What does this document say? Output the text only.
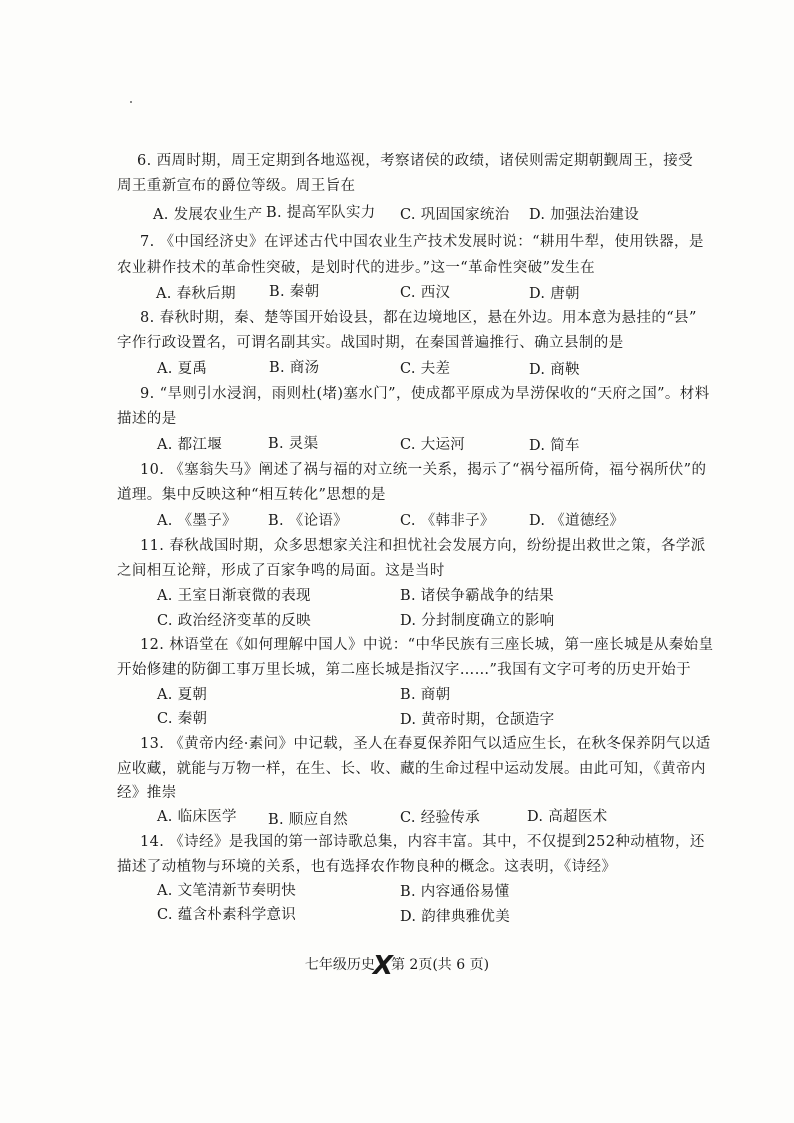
6. 西周时期，周王定期到各地巡视，考察诸侯的政绩，诸侯则需定期朝觐周王，接受
周王重新宣布的爵位等级。周王旨在
A. 发展农业生产 B. 提高军队实力 C. 巩固国家统治 D. 加强法治建设
7. 《中国经济史》在评述古代中国农业生产技术发展时说：“耕用牛犁，使用铁器，是
农业耕作技术的革命性突破，是划时代的进步。”这一“革命性突破”发生在
A. 春秋后期 B. 秦朝	C. 西汉	D. 唐朝
8. 春秋时期，秦、楚等国开始设县，都在边境地区，悬在外边。用本意为悬挂的“县”
字作行政设置名，可谓名副其实。战国时期，在秦国普遍推行、确立县制的是
A. 夏禹	B. 商汤	C. 夫差	D. 商鞅
9. “旱则引水浸润，雨则杜(堵)塞水门”，使成都平原成为旱涝保收的“天府之国”。材料
描述的是
A. 都江堰	B. 灵渠	C. 大运河	D. 简车
10. 《塞翁失马》阐述了祸与福的对立统一关系，揭示了“祸兮福所倚，福兮祸所伏”的
道理。集中反映这种“相互转化”思想的是
A. 《墨子》 B. 《论语》	C. 《韩非子》 D. 《道德经》
11. 春秋战国时期，众多思想家关注和担忧社会发展方向，纷纷提出救世之策，各学派
之间相互论辩，形成了百家争鸣的局面。这是当时
A. 王室日渐衰微的表现	B. 诸侯争霸战争的结果
C. 政治经济变革的反映	D. 分封制度确立的影响
12. 林语堂在《如何理解中国人》中说：“中华民族有三座长城，第一座长城是从秦始皇
开始修建的防御工事万里长城，第二座长城是指汉字……”我国有文字可考的历史开始于
A. 夏朝	B. 商朝
C. 秦朝	D. 黄帝时期，仓颉造字
13. 《黄帝内经·素问》中记载，圣人在春夏保养阳气以适应生长，在秋冬保养阴气以适
应收藏，就能与万物一样，在生、长、收、藏的生命过程中运动发展。由此可知，《黄帝内
经》推崇
A. 临床医学 B. 顺应自然	C. 经验传承	D. 高超医术
14. 《诗经》是我国的第一部诗歌总集，内容丰富。其中，不仅提到252种动植物，还
描述了动植物与环境的关系，也有选择农作物良种的概念。这表明，《诗经》
A. 文笔清新节奏明快	B. 内容通俗易懂
C. 蕴含朴素科学意识	D. 韵律典雅优美
七年级历史X第 2页(共 6 页)
